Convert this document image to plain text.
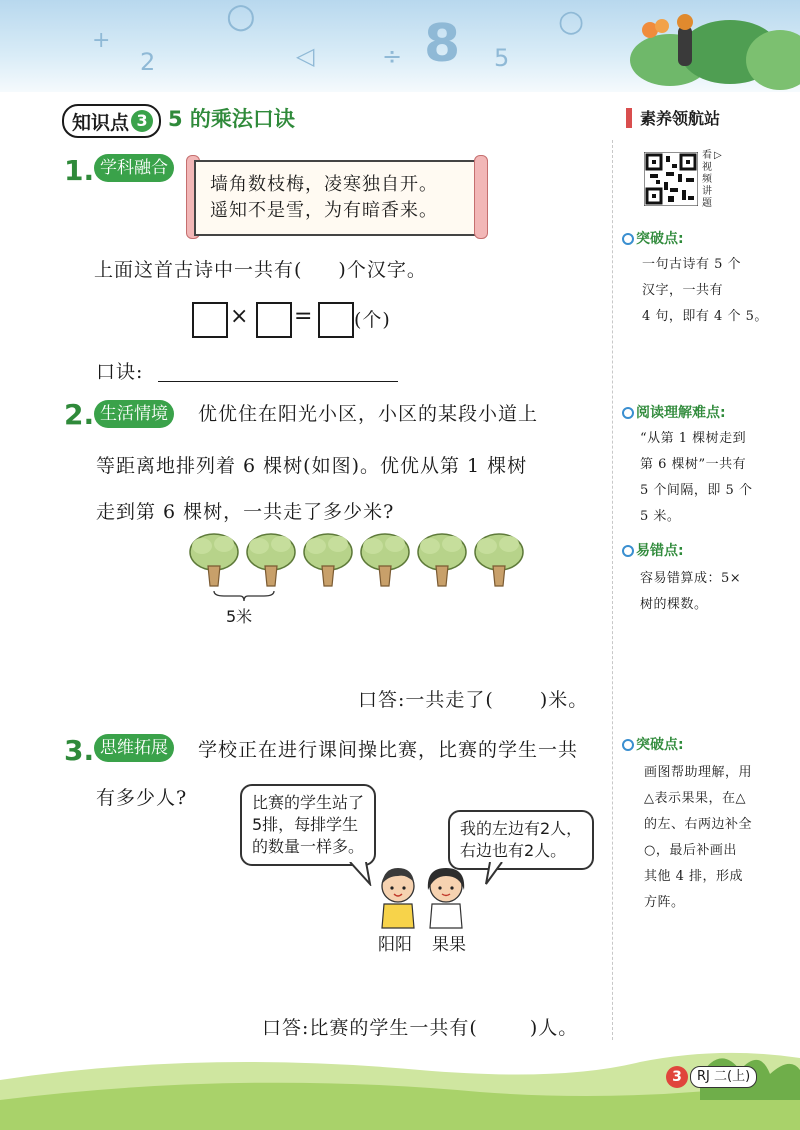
+
2
○
◁	÷ 8 5
○
知识点 3 5 的乘法口诀	素养领航站
看
视
频
讲
题
▷
突破点:
一句古诗有 5 个
汉字，一共有
4 句，即有 4 个 5。
阅读理解难点:
“从第 1 棵树走到
第 6 棵树”一共有
5 个间隔，即 5 个
5 米。
易错点:
容易错算成：5×
树的棵数。
突破点:
画图帮助理解，用
△表示果果，在△
的左、右两边补全
○，最后补画出
其他 4 排，形成
方阵。
1. 学科融合
墙角数枝梅，凌寒独自开。
遥知不是雪，为有暗香来。
上面这首古诗中一共有( )个汉字。
× = (个)
口诀:
2. 生活情境	优优住在阳光小区，小区的某段小道上
等距离地排列着 6 棵树(如图)。优优从第 1 棵树
走到第 6 棵树，一共走了多少米?
5米
口答:一共走了( )米。
3. 思维拓展	学校正在进行课间操比赛，比赛的学生一共
有多少人?	比赛的学生站了
5排，每排学生
的数量一样多。
我的左边有2人，
右边也有2人。
阳阳 果果
口答:比赛的学生一共有(	)人。
3	RJ 二(上)
